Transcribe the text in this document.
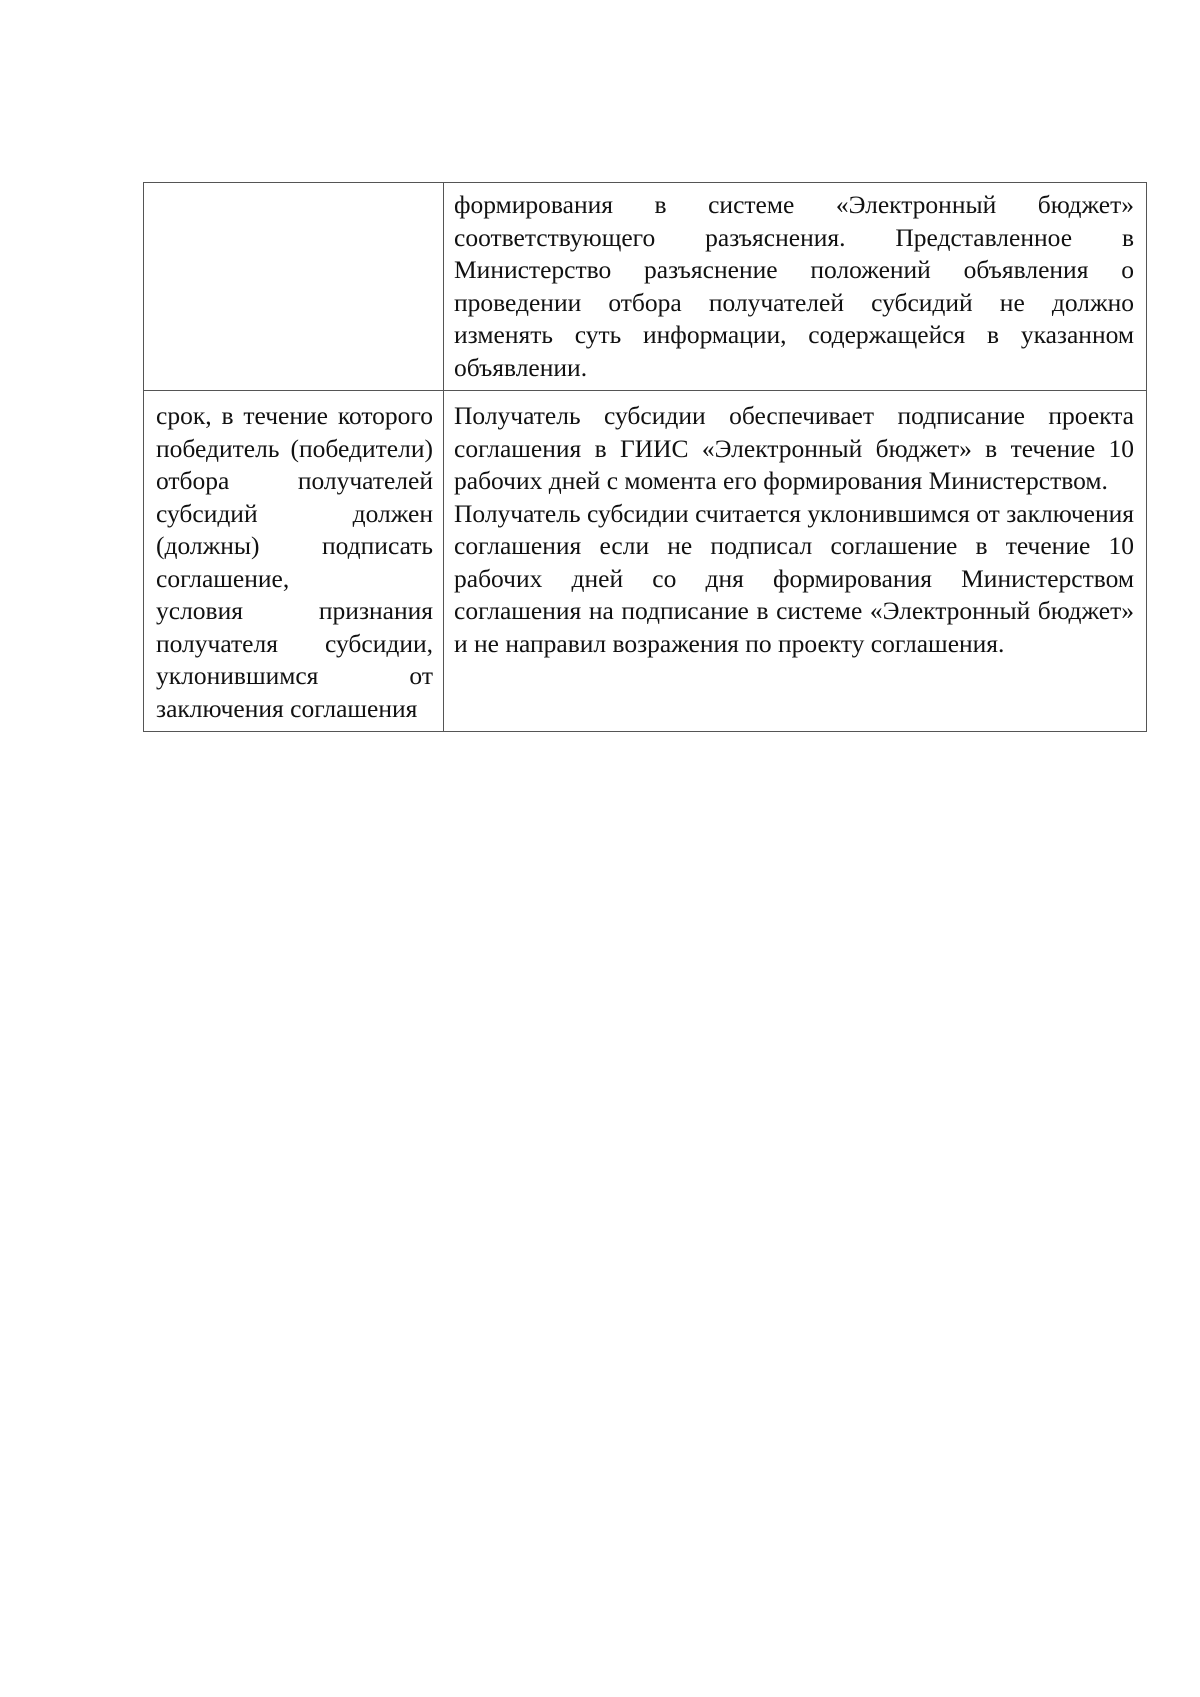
	формирования в системе «Электронный бюджет» соответствующего разъяснения. Представленное в Министерство разъяснение положений объявления о проведении отбора получателей субсидий не должно изменять суть информации, содержащейся в указанном объявлении.

срок, в течение которого победитель (победители) отбора получателей субсидий должен (должны) подписать соглашение,
условия признания получателя субсидии, уклонившимся от заключения соглашения	Получатель субсидии обеспечивает подписание проекта соглашения в ГИИС «Электронный бюджет» в течение 10 рабочих дней с момента его формирования Министерством.
Получатель субсидии считается уклонившимся от заключения соглашения если не подписал соглашение в течение 10 рабочих дней со дня формирования Министерством соглашения на подписание в системе «Электронный бюджет» и не направил возражения по проекту соглашения.
